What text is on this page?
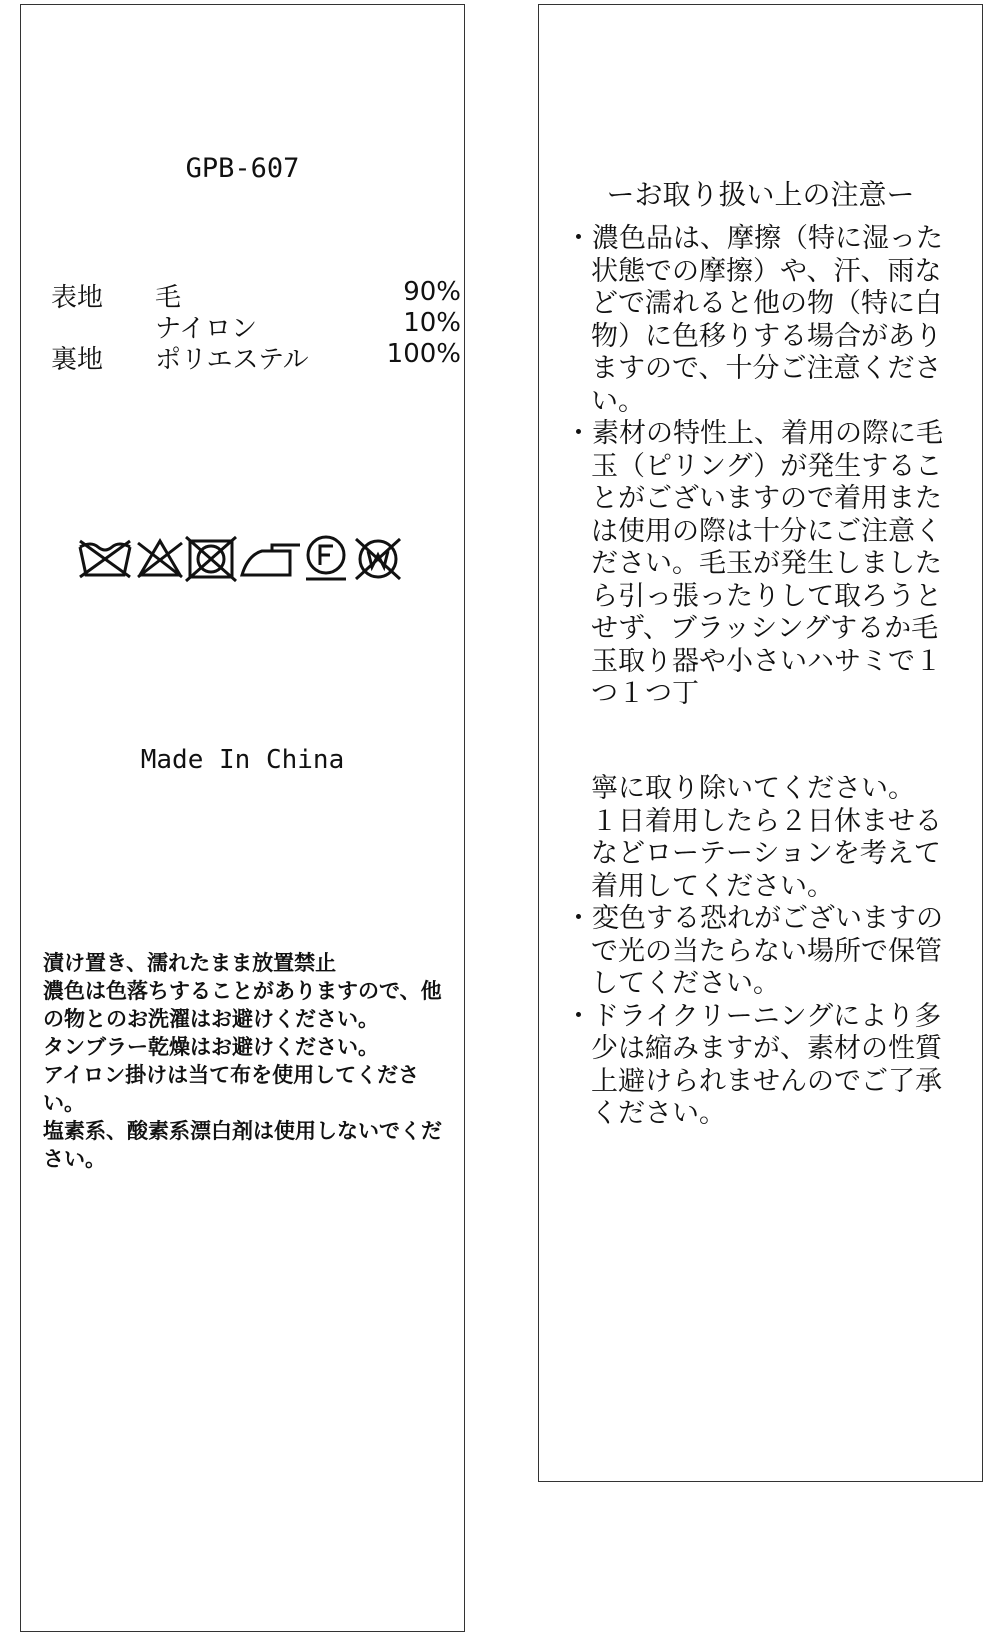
GPB-607
表地 毛	90%
ナイロン	10%
裏地 ポリエステル	100%
Made In China

漬け置き、濡れたまま放置禁止

濃色は色落ちすることがありますので、他の物とのお洗濯はお避けください。

タンブラー乾燥はお避けください。

アイロン掛けは当て布を使用してください。

塩素系、酸素系漂白剤は使用しないでください。

ーお取り扱い上の注意ー

・濃色品は、摩擦（特に湿った状態での摩擦）や、汗、雨などで濡れると他の物（特に白物）に色移りする場合がありますので、十分ご注意ください。

・素材の特性上、着用の際に毛玉（ピリング）が発生することがございますので着用または使用の際は十分にご注意ください。毛玉が発生しましたら引っ張ったりして取ろうとせず、ブラッシングするか毛玉取り器や小さいハサミで１つ１つ丁

寧に取り除いてください。

１日着用したら２日休ませるなどローテーションを考えて着用してください。

・変色する恐れがございますので光の当たらない場所で保管してください。

・ドライクリーニングにより多少は縮みますが、素材の性質上避けられませんのでご了承ください。
